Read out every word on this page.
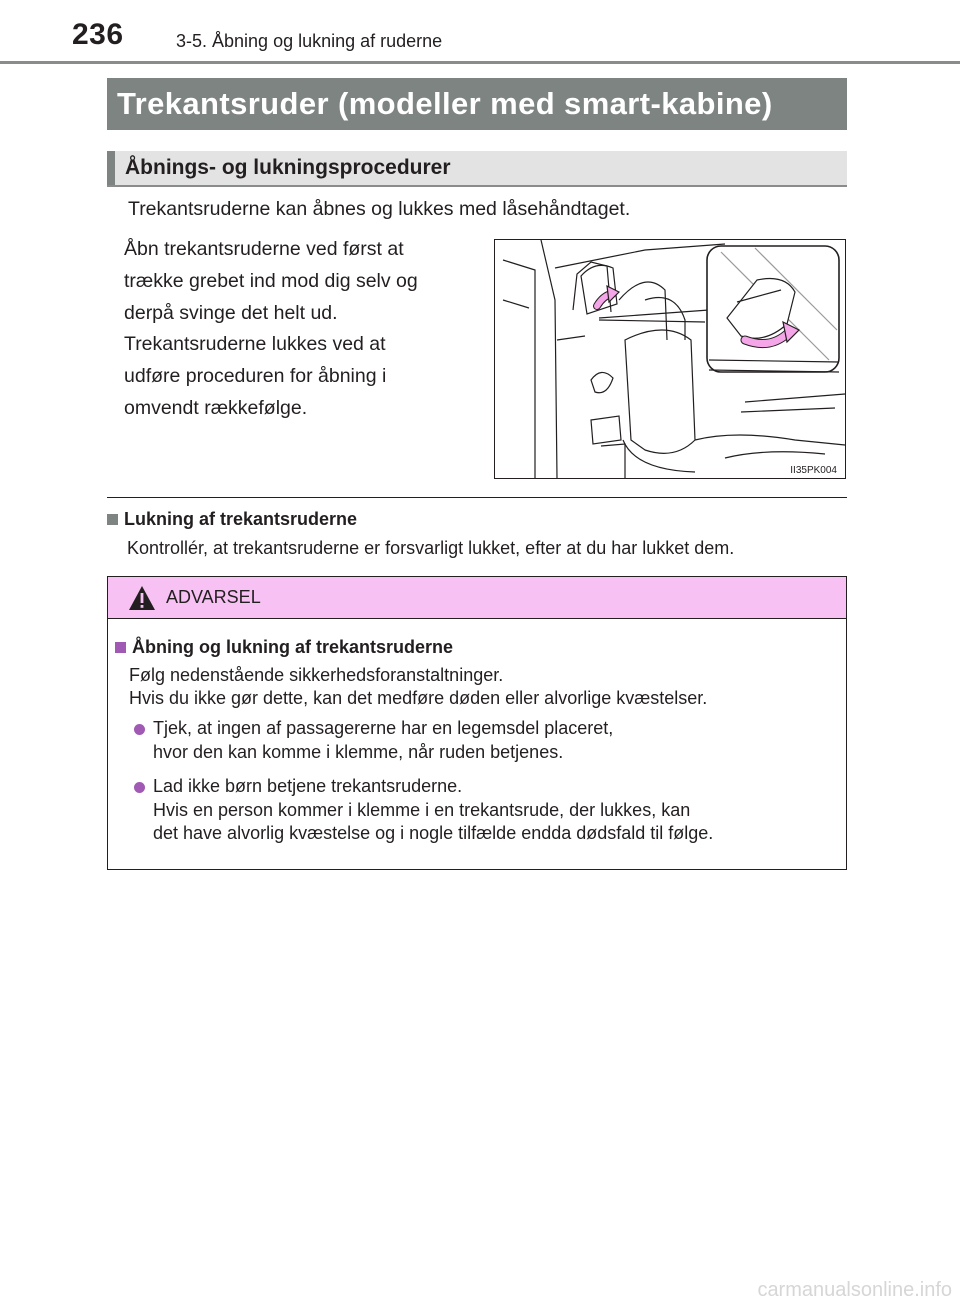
236	3-5. Åbning og lukning af ruderne
Trekantsruder (modeller med smart-kabine)
Åbnings- og lukningsprocedurer
Trekantsruderne kan åbnes og lukkes med låsehåndtaget.
Åbn trekantsruderne ved først at
trække grebet ind mod dig selv og
derpå svinge det helt ud.
Trekantsruderne lukkes ved at
udføre proceduren for åbning i
omvendt rækkefølge.
II35PK004
Lukning af trekantsruderne
Kontrollér, at trekantsruderne er forsvarligt lukket, efter at du har lukket dem.
ADVARSEL
Åbning og lukning af trekantsruderne
Følg nedenstående sikkerhedsforanstaltninger.
Hvis du ikke gør dette, kan det medføre døden eller alvorlige kvæstelser.
Tjek, at ingen af passagererne har en legemsdel placeret,
hvor den kan komme i klemme, når ruden betjenes.
Lad ikke børn betjene trekantsruderne.
Hvis en person kommer i klemme i en trekantsrude, der lukkes, kan
det have alvorlig kvæstelse og i nogle tilfælde endda dødsfald til følge.
carmanualsonline.info
